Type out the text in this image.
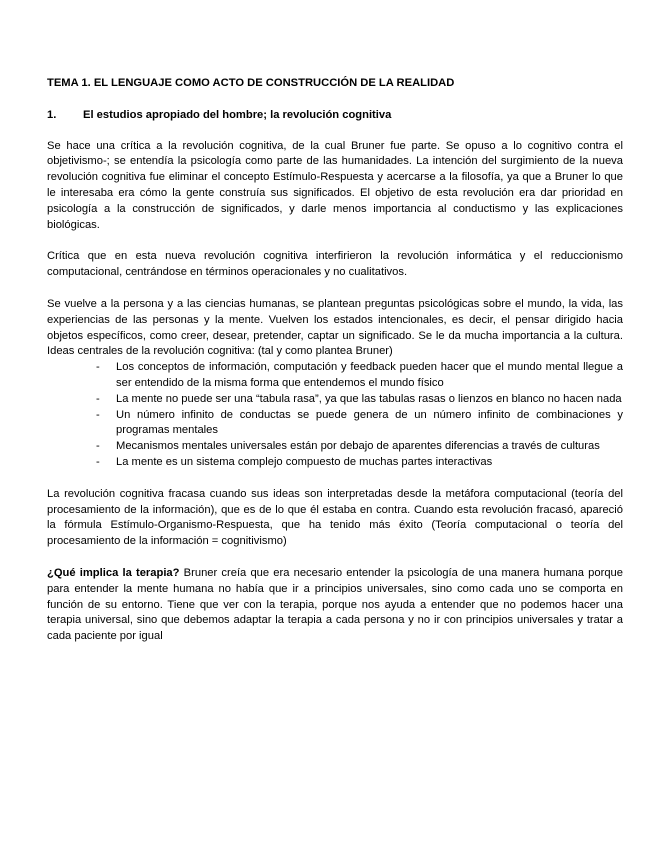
TEMA 1. EL LENGUAJE COMO ACTO DE CONSTRUCCIÓN DE LA REALIDAD
1.	El estudios apropiado del hombre; la revolución cognitiva

Se hace una crítica a la revolución cognitiva, de la cual Bruner fue parte. Se opuso a lo cognitivo contra el objetivismo-; se entendía la psicología como parte de las humanidades. La intención del surgimiento de la nueva revolución cognitiva fue eliminar el concepto Estímulo-Respuesta y acercarse a la filosofía, ya que a Bruner lo que le interesaba era cómo la gente construía sus significados. El objetivo de esta revolución era dar prioridad en psicología a la construcción de significados, y darle menos importancia al conductismo y las explicaciones biológicas.

Crítica que en esta nueva revolución cognitiva interfirieron la revolución informática y el reduccionismo computacional, centrándose en términos operacionales y no cualitativos.

Se vuelve a la persona y a las ciencias humanas, se plantean preguntas psicológicas sobre el mundo, la vida, las experiencias de las personas y la mente. Vuelven los estados intencionales, es decir, el pensar dirigido hacia objetos específicos, como creer, desear, pretender, captar un significado. Se le da mucha importancia a la cultura. Ideas centrales de la revolución cognitiva: (tal y como plantea Bruner)

- Los conceptos de información, computación y feedback pueden hacer que el mundo mental llegue a ser entendido de la misma forma que entendemos el mundo físico
- La mente no puede ser una “tabula rasa”, ya que las tabulas rasas o lienzos en blanco no hacen nada
- Un número infinito de conductas se puede genera de un número infinito de combinaciones y programas mentales
- Mecanismos mentales universales están por debajo de aparentes diferencias a través de culturas
- La mente es un sistema complejo compuesto de muchas partes interactivas

La revolución cognitiva fracasa cuando sus ideas son interpretadas desde la metáfora computacional (teoría del procesamiento de la información), que es de lo que él estaba en contra. Cuando esta revolución fracasó, apareció la fórmula Estímulo-Organismo-Respuesta, que ha tenido más éxito (Teoría computacional o teoría del procesamiento de la información = cognitivismo)

¿Qué implica la terapia? Bruner creía que era necesario entender la psicología de una manera humana porque para entender la mente humana no había que ir a principios universales, sino como cada uno se comporta en función de su entorno. Tiene que ver con la terapia, porque nos ayuda a entender que no podemos hacer una terapia universal, sino que debemos adaptar la terapia a cada persona y no ir con principios universales y tratar a cada paciente por igual
